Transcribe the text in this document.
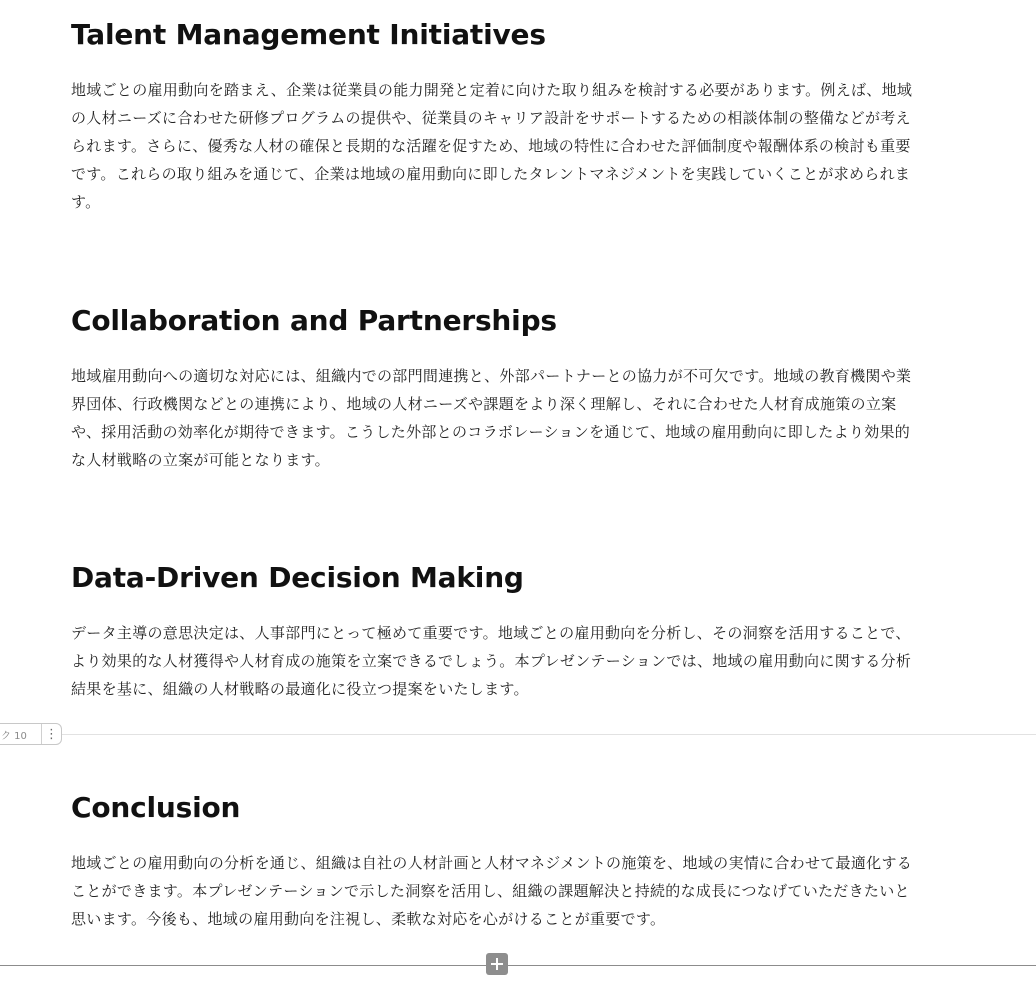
Talent Management Initiatives

地域ごとの雇用動向を踏まえ、企業は従業員の能力開発と定着に向けた取り組みを検討する必要があります。例えば、地域の人材ニーズに合わせた研修プログラムの提供や、従業員のキャリア設計をサポートするための相談体制の整備などが考えられます。さらに、優秀な人材の確保と長期的な活躍を促すため、地域の特性に合わせた評価制度や報酬体系の検討も重要です。これらの取り組みを通じて、企業は地域の雇用動向に即したタレントマネジメントを実践していくことが求められます。

Collaboration and Partnerships

地域雇用動向への適切な対応には、組織内での部門間連携と、外部パートナーとの協力が不可欠です。地域の教育機関や業界団体、行政機関などとの連携により、地域の人材ニーズや課題をより深く理解し、それに合わせた人材育成施策の立案や、採用活動の効率化が期待できます。こうした外部とのコラボレーションを通じて、地域の雇用動向に即したより効果的な人材戦略の立案が可能となります。

Data-Driven Decision Making

データ主導の意思決定は、人事部門にとって極めて重要です。地域ごとの雇用動向を分析し、その洞察を活用することで、より効果的な人材獲得や人材育成の施策を立案できるでしょう。本プレゼンテーションでは、地域の雇用動向に関する分析結果を基に、組織の人材戦略の最適化に役立つ提案をいたします。

ク 10	⋮
Conclusion

地域ごとの雇用動向の分析を通じ、組織は自社の人材計画と人材マネジメントの施策を、地域の実情に合わせて最適化することができます。本プレゼンテーションで示した洞察を活用し、組織の課題解決と持続的な成長につなげていただきたいと思います。今後も、地域の雇用動向を注視し、柔軟な対応を心がけることが重要です。
